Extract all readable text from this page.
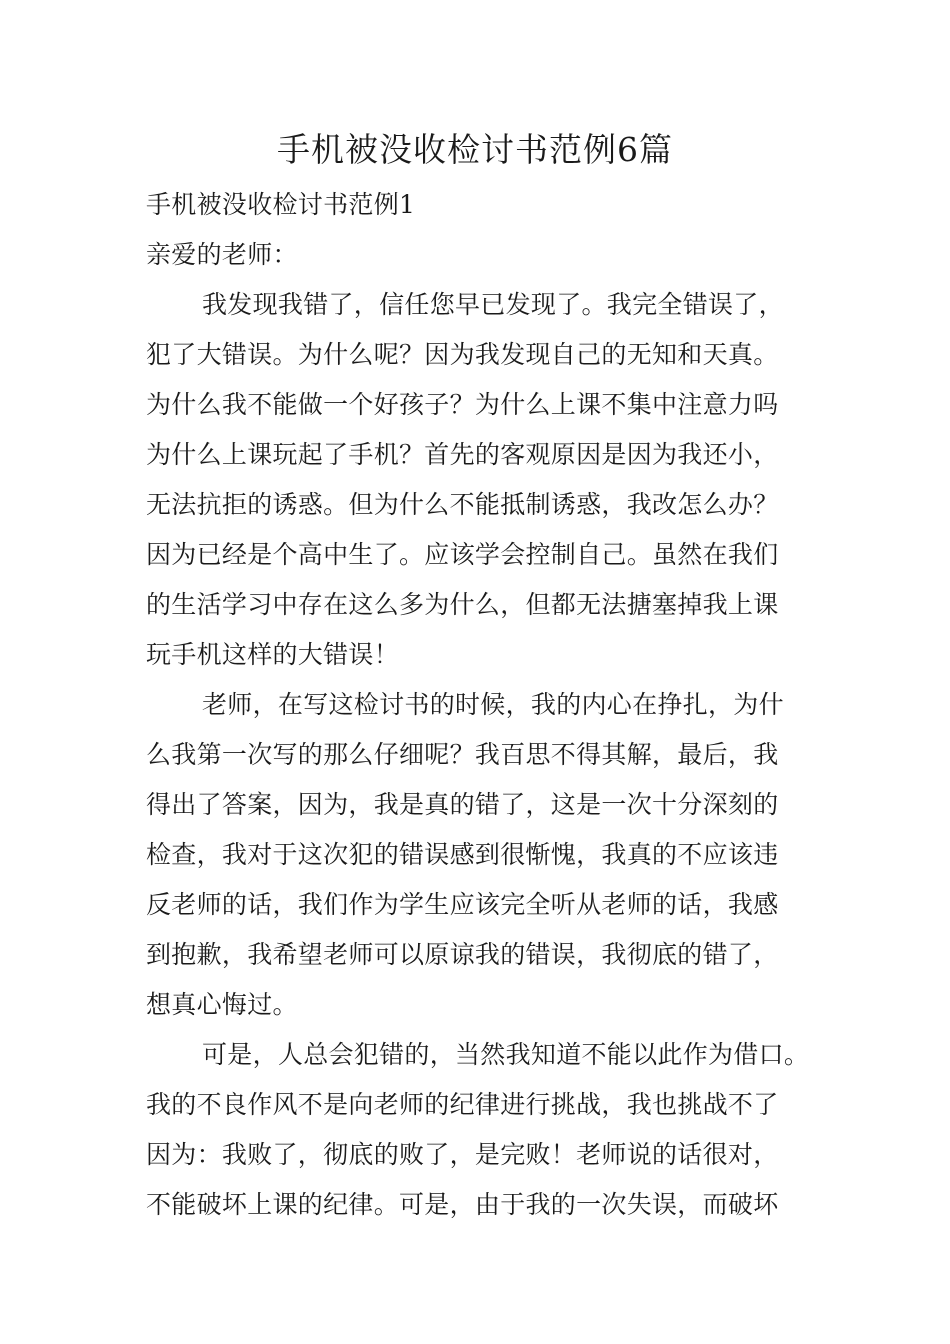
手机被没收检讨书范例6篇
手机被没收检讨书范例1
亲爱的老师：
我发现我错了，信任您早已发现了。我完全错误了，
犯了大错误。为什么呢？因为我发现自己的无知和天真。
为什么我不能做一个好孩子？为什么上课不集中注意力吗
为什么上课玩起了手机？首先的客观原因是因为我还小，
无法抗拒的诱惑。但为什么不能抵制诱惑，我改怎么办？
因为已经是个高中生了。应该学会控制自己。虽然在我们
的生活学习中存在这么多为什么，但都无法搪塞掉我上课
玩手机这样的大错误！
老师，在写这检讨书的时候，我的内心在挣扎，为什
么我第一次写的那么仔细呢？我百思不得其解，最后，我
得出了答案，因为，我是真的错了，这是一次十分深刻的
检查，我对于这次犯的错误感到很惭愧，我真的不应该违
反老师的话，我们作为学生应该完全听从老师的话，我感
到抱歉，我希望老师可以原谅我的错误，我彻底的错了，
想真心悔过。
可是，人总会犯错的，当然我知道不能以此作为借口。
我的不良作风不是向老师的纪律进行挑战，我也挑战不了
因为：我败了，彻底的败了，是完败！老师说的话很对，
不能破坏上课的纪律。可是，由于我的一次失误，而破坏
